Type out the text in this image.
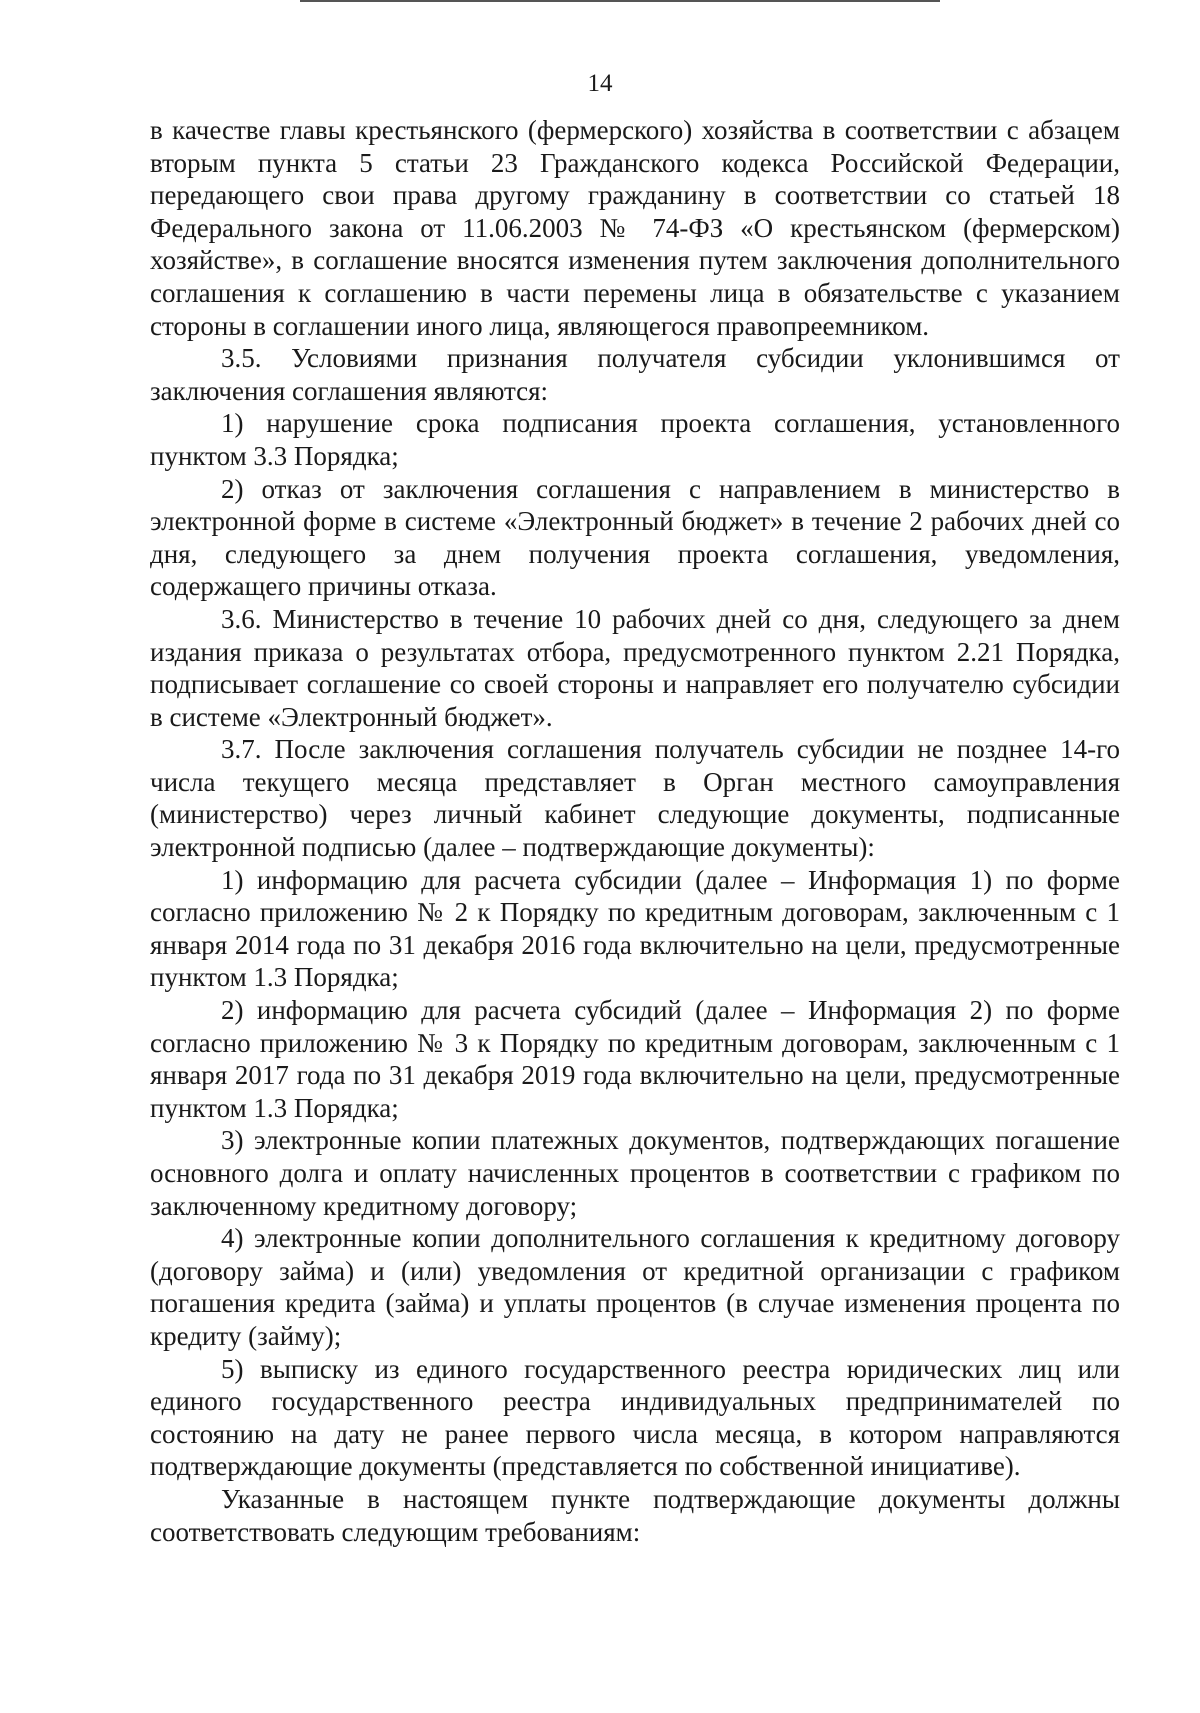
14

в качестве главы крестьянского (фермерского) хозяйства в соответствии с абзацем вторым пункта 5 статьи 23 Гражданского кодекса Российской Федерации, передающего свои права другому гражданину в соответствии со статьей 18 Федерального закона от 11.06.2003 № 74-ФЗ «О крестьянском (фермерском) хозяйстве», в соглашение вносятся изменения путем заключения дополнительного соглашения к соглашению в части перемены лица в обязательстве с указанием стороны в соглашении иного лица, являющегося правопреемником.

3.5. Условиями признания получателя субсидии уклонившимся от заключения соглашения являются:

1) нарушение срока подписания проекта соглашения, установленного пунктом 3.3 Порядка;

2) отказ от заключения соглашения с направлением в министерство в электронной форме в системе «Электронный бюджет» в течение 2 рабочих дней со дня, следующего за днем получения проекта соглашения, уведомления, содержащего причины отказа.

3.6. Министерство в течение 10 рабочих дней со дня, следующего за днем издания приказа о результатах отбора, предусмотренного пунктом 2.21 Порядка, подписывает соглашение со своей стороны и направляет его получателю субсидии в системе «Электронный бюджет».

3.7. После заключения соглашения получатель субсидии не позднее 14-го числа текущего месяца представляет в Орган местного самоуправления (министерство) через личный кабинет следующие документы, подписанные электронной подписью (далее – подтверждающие документы):

1) информацию для расчета субсидии (далее – Информация 1) по форме согласно приложению № 2 к Порядку по кредитным договорам, заключенным с 1 января 2014 года по 31 декабря 2016 года включительно на цели, предусмотренные пунктом 1.3 Порядка;

2) информацию для расчета субсидий (далее – Информация 2) по форме согласно приложению № 3 к Порядку по кредитным договорам, заключенным с 1 января 2017 года по 31 декабря 2019 года включительно на цели, предусмотренные пунктом 1.3 Порядка;

3) электронные копии платежных документов, подтверждающих погашение основного долга и оплату начисленных процентов в соответствии с графиком по заключенному кредитному договору;

4) электронные копии дополнительного соглашения к кредитному договору (договору займа) и (или) уведомления от кредитной организации с графиком погашения кредита (займа) и уплаты процентов (в случае изменения процента по кредиту (займу);

5) выписку из единого государственного реестра юридических лиц или единого государственного реестра индивидуальных предпринимателей по состоянию на дату не ранее первого числа месяца, в котором направляются подтверждающие документы (представляется по собственной инициативе).

Указанные в настоящем пункте подтверждающие документы должны соответствовать следующим требованиям:
